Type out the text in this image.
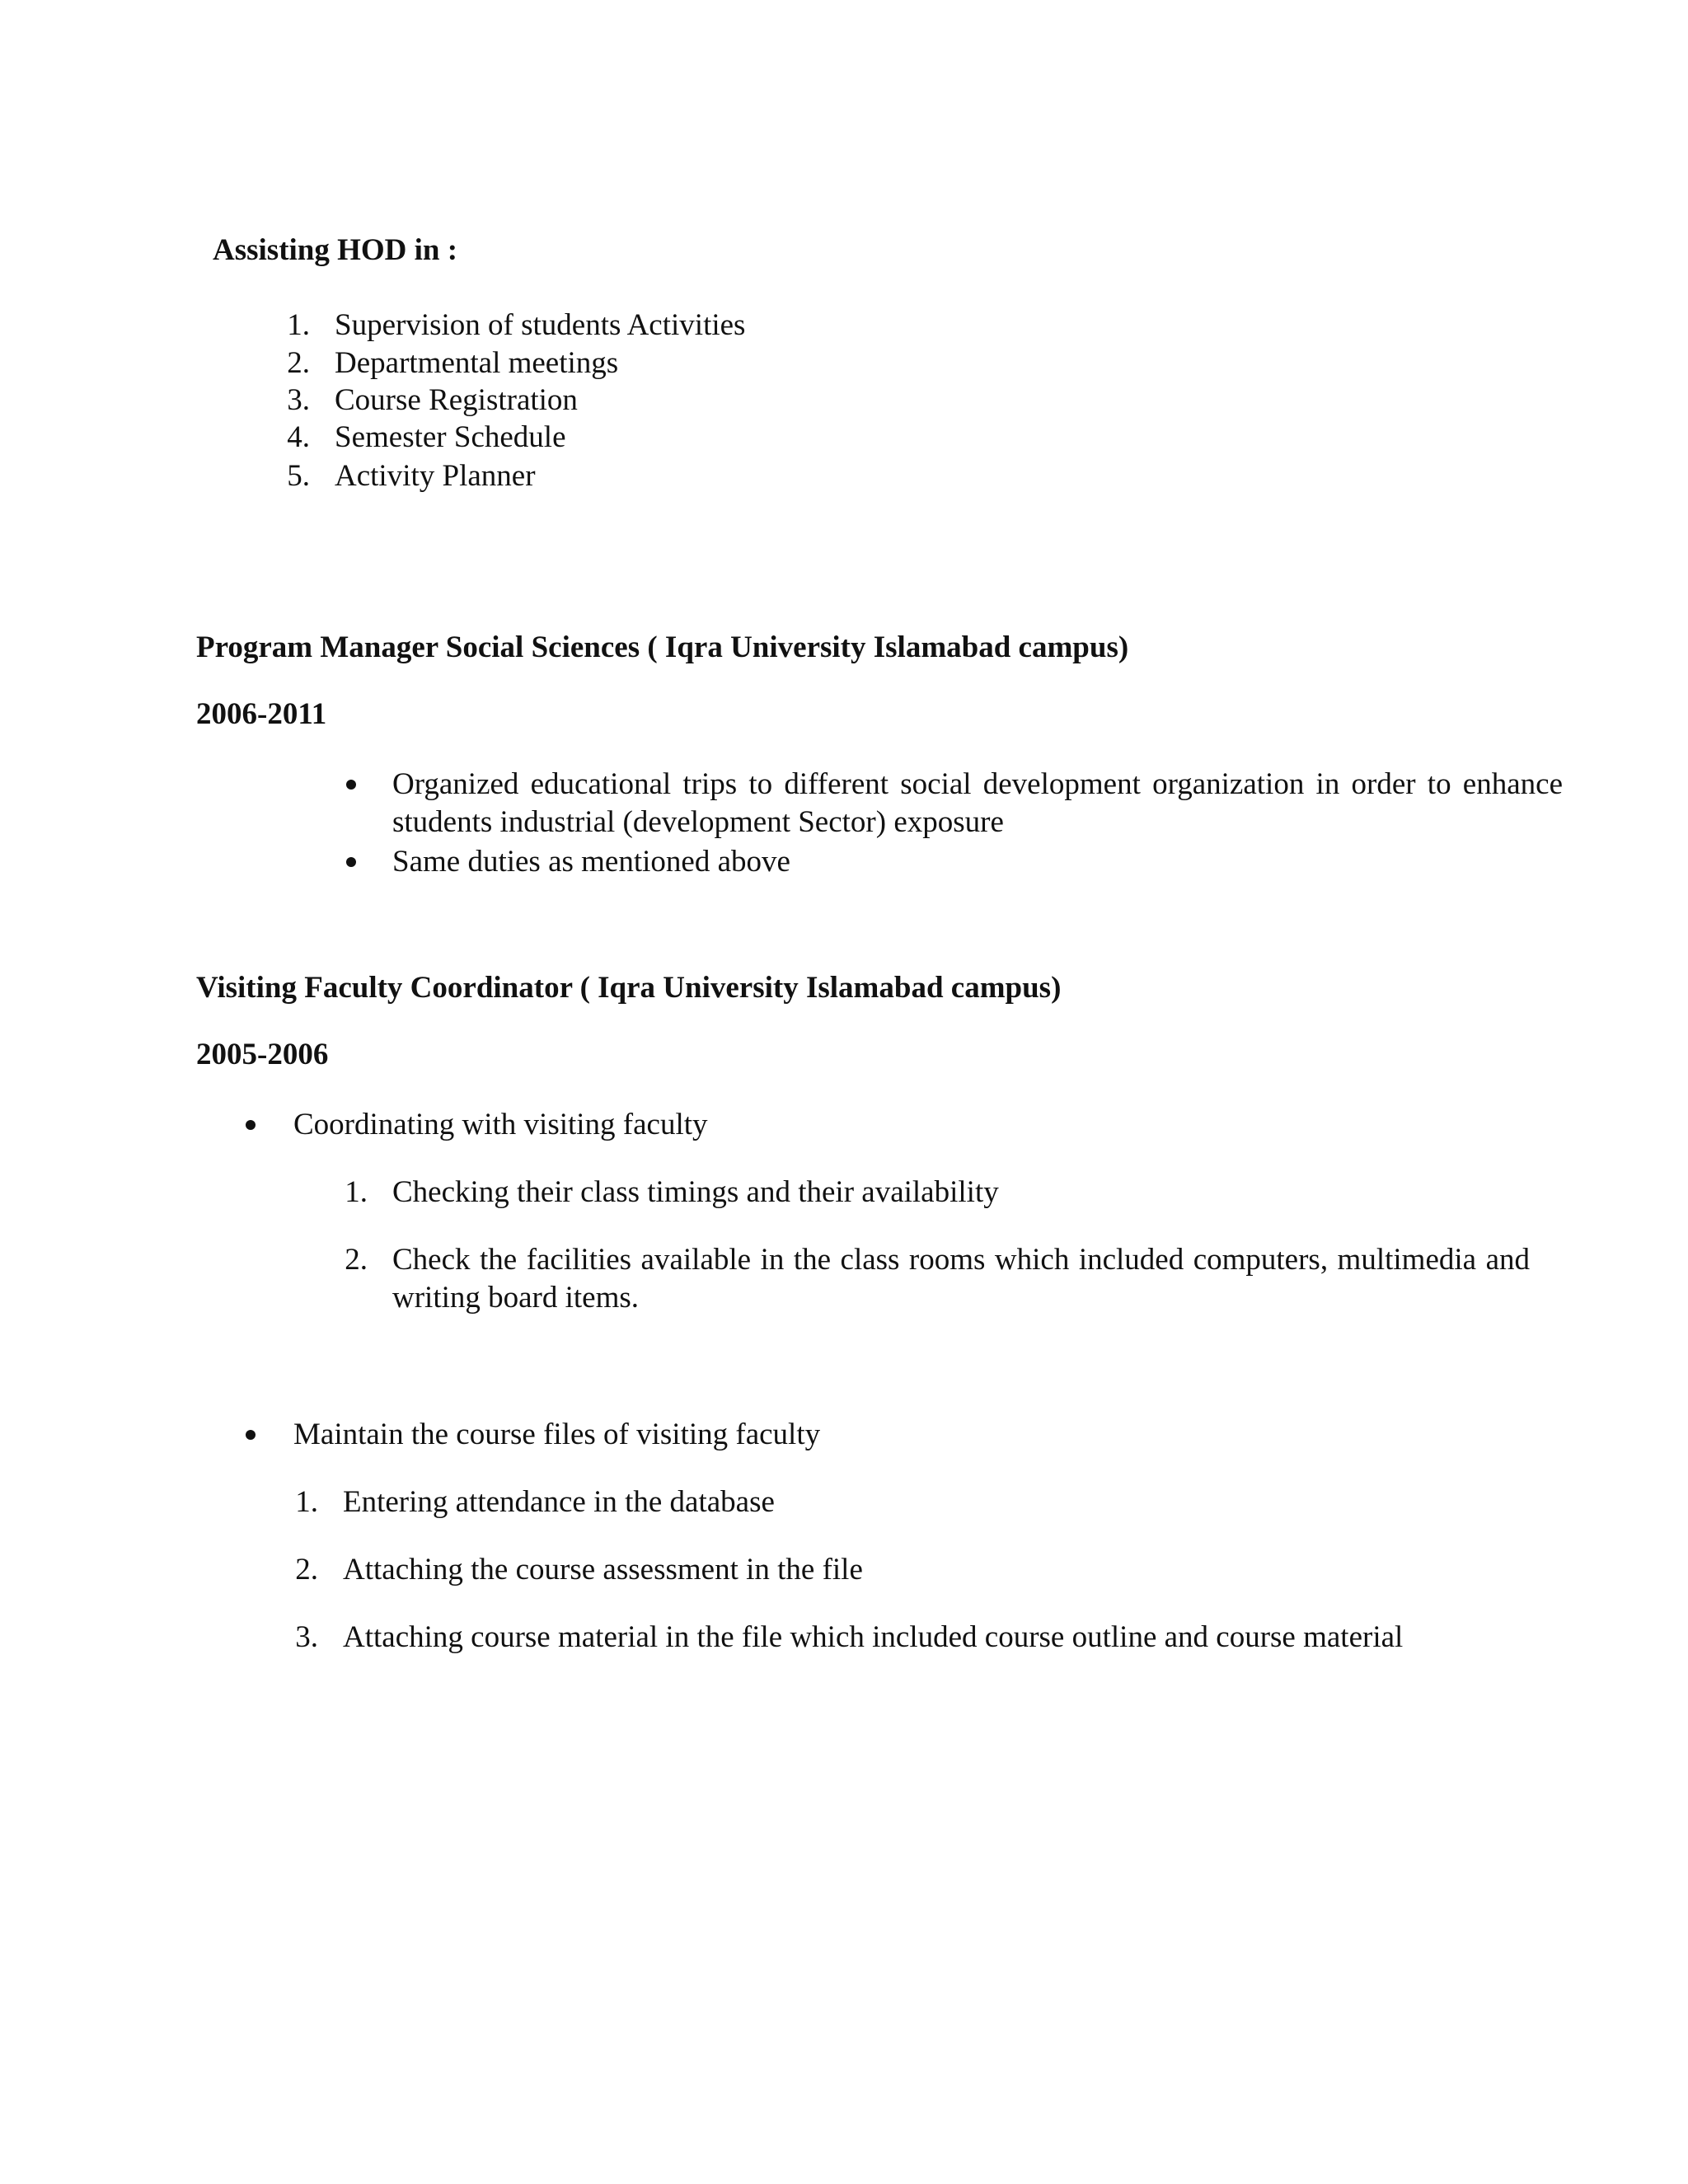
Assisting HOD in :
1. Supervision of students Activities
2. Departmental meetings
3. Course Registration
4. Semester Schedule
5. Activity Planner
Program Manager Social Sciences ( Iqra University Islamabad campus)
2006-2011
Organized educational trips to different social development organization in order to enhance students industrial (development Sector) exposure
Same duties as mentioned above
Visiting Faculty Coordinator ( Iqra University Islamabad campus)
2005-2006
Coordinating with visiting faculty
1. Checking their class timings and their availability
2. Check the facilities available in the class rooms which included computers, multimedia and writing board items.
Maintain the course files of visiting faculty
1. Entering attendance in the database
2. Attaching the course assessment in the file
3. Attaching course material in the file which included course outline and course material
